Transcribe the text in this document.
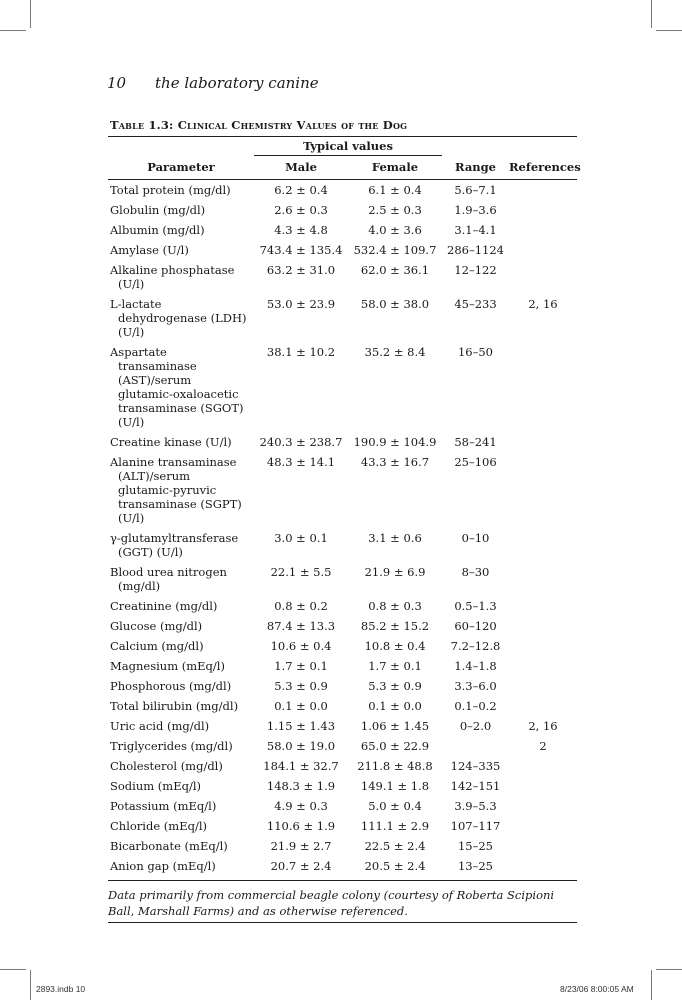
10 the laboratory canine
Table 1.3: Clinical Chemistry Values of the Dog
	Typical values			
Parameter	Male	Female	Range	References

Total protein (mg/dl)	6.2 ± 0.4	6.1 ± 0.4	5.6–7.1	

Globulin (mg/dl)	2.6 ± 0.3	2.5 ± 0.3	1.9–3.6	

Albumin (mg/dl)	4.3 ± 4.8	4.0 ± 3.6	3.1–4.1	

Amylase (U/l)	743.4 ± 135.4	532.4 ± 109.7	286–1124	

Alkaline phosphatase (U/l)	63.2 ± 31.0	62.0 ± 36.1	12–122	

L-lactate dehydrogenase (LDH) (U/l)	53.0 ± 23.9	58.0 ± 38.0	45–233	2, 16

Aspartate transaminase (AST)/serum glutamic-oxaloacetic transaminase (SGOT) (U/l)	38.1 ± 10.2	35.2 ± 8.4	16–50	

Creatine kinase (U/l)	240.3 ± 238.7	190.9 ± 104.9	58–241	

Alanine transaminase (ALT)/serum glutamic-pyruvic transaminase (SGPT) (U/l)	48.3 ± 14.1	43.3 ± 16.7	25–106	

γ-glutamyltransferase (GGT) (U/l)	3.0 ± 0.1	3.1 ± 0.6	0–10	

Blood urea nitrogen (mg/dl)	22.1 ± 5.5	21.9 ± 6.9	8–30	

Creatinine (mg/dl)	0.8 ± 0.2	0.8 ± 0.3	0.5–1.3	

Glucose (mg/dl)	87.4 ± 13.3	85.2 ± 15.2	60–120	

Calcium (mg/dl)	10.6 ± 0.4	10.8 ± 0.4	7.2–12.8	

Magnesium (mEq/l)	1.7 ± 0.1	1.7 ± 0.1	1.4–1.8	

Phosphorous (mg/dl)	5.3 ± 0.9	5.3 ± 0.9	3.3–6.0	

Total bilirubin (mg/dl)	0.1 ± 0.0	0.1 ± 0.0	0.1–0.2	

Uric acid (mg/dl)	1.15 ± 1.43	1.06 ± 1.45	0–2.0	2, 16

Triglycerides (mg/dl)	58.0 ± 19.0	65.0 ± 22.9		2

Cholesterol (mg/dl)	184.1 ± 32.7	211.8 ± 48.8	124–335	

Sodium (mEq/l)	148.3 ± 1.9	149.1 ± 1.8	142–151	

Potassium (mEq/l)	4.9 ± 0.3	5.0 ± 0.4	3.9–5.3	

Chloride (mEq/l)	110.6 ± 1.9	111.1 ± 2.9	107–117	

Bicarbonate (mEq/l)	21.9 ± 2.7	22.5 ± 2.4	15–25	

Anion gap (mEq/l)	20.7 ± 2.4	20.5 ± 2.4	13–25	
Data primarily from commercial beagle colony (courtesy of Roberta Scipioni Ball, Marshall Farms) and as otherwise referenced.
2893.indb 10	8/23/06 8:00:05 AM
